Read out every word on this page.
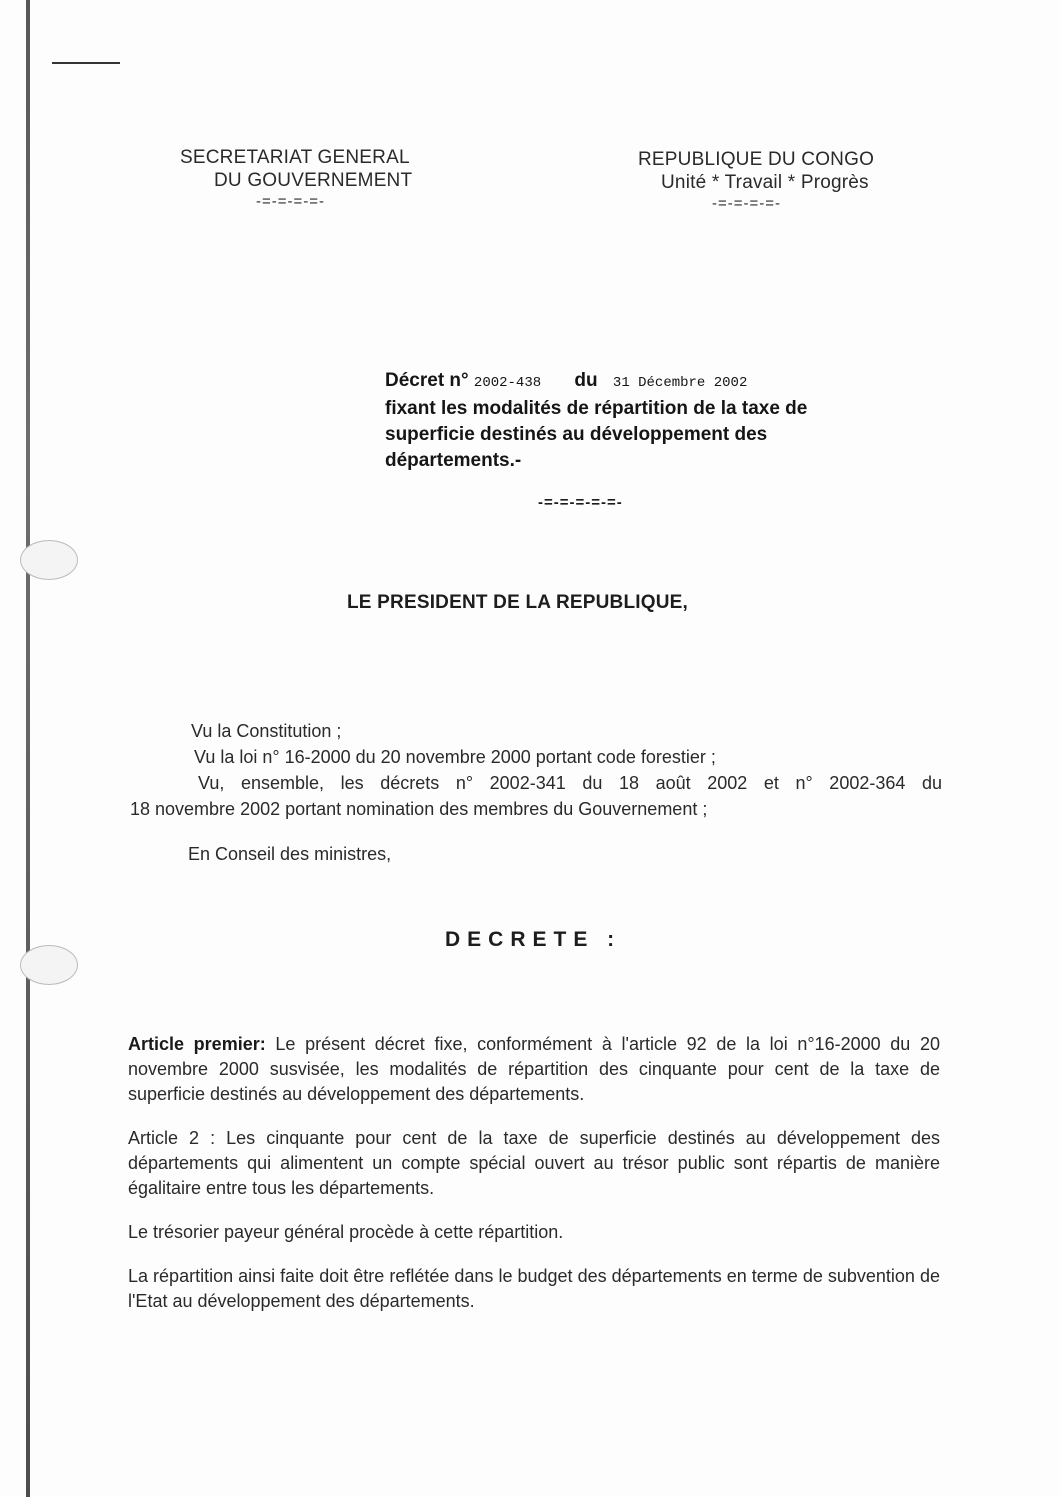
SECRETARIAT GENERAL
DU GOUVERNEMENT
-=-=-=-=-
REPUBLIQUE DU CONGO
Unité * Travail * Progrès
-=-=-=-=-
Décret n° 2002-438 du 31 Décembre 2002
fixant les modalités de répartition de la taxe de superficie destinés au développement des départements.-
-=-=-=-=-=-
LE PRESIDENT DE LA REPUBLIQUE,

Vu la Constitution ;

Vu la loi n° 16-2000 du 20 novembre 2000 portant code forestier ;

Vu, ensemble, les décrets n° 2002-341 du 18 août 2002 et n° 2002-364 du

18 novembre 2002 portant nomination des membres du Gouvernement ;

En Conseil des ministres,
DECRETE :

Article premier: Le présent décret fixe, conformément à l'article 92 de la loi n°16-2000 du 20 novembre 2000 susvisée, les modalités de répartition des cinquante pour cent de la taxe de superficie destinés au développement des départements.

Article 2 : Les cinquante pour cent de la taxe de superficie destinés au développement des départements qui alimentent un compte spécial ouvert au trésor public sont répartis de manière égalitaire entre tous les départements.

Le trésorier payeur général procède à cette répartition.

La répartition ainsi faite doit être reflétée dans le budget des départements en terme de subvention de l'Etat au développement des départements.
